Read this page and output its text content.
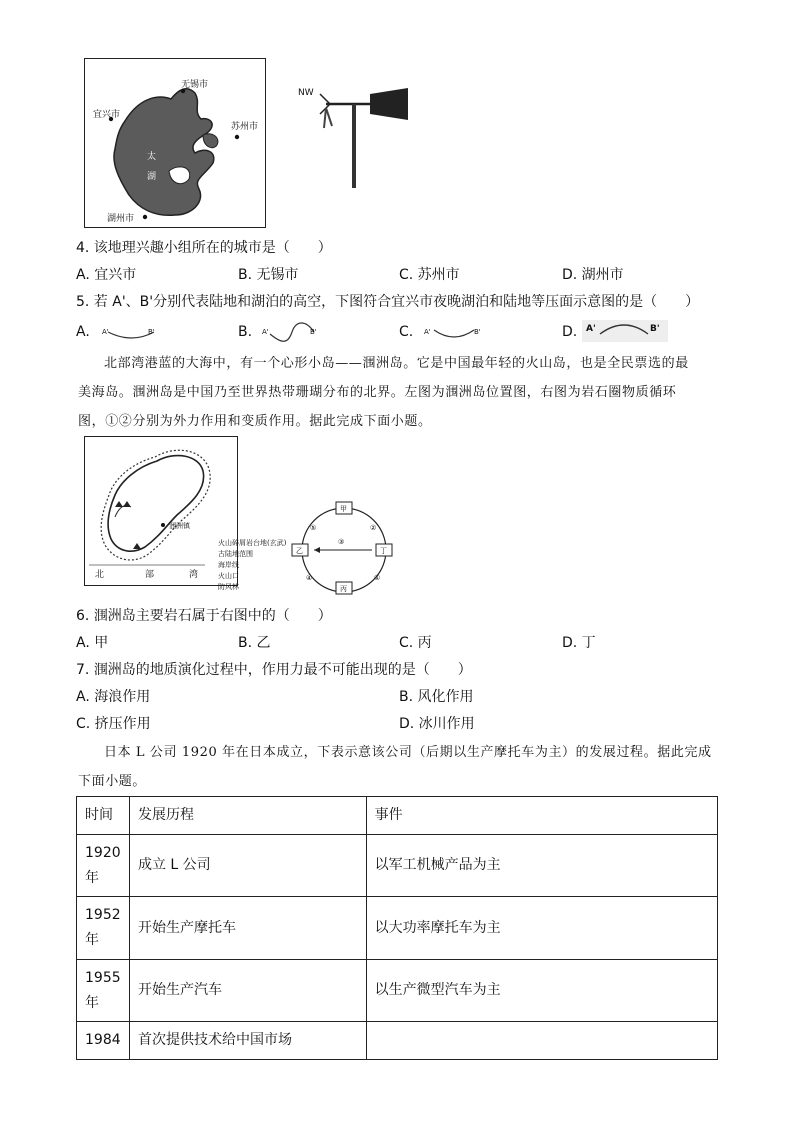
无锡市
宜兴市
苏州市
湖州市
太
湖
NW
4. 该地理兴趣小组所在的城市是（　　）
A. 宜兴市	B. 无锡市	C. 苏州市	D. 湖州市
5. 若 A'、B'分别代表陆地和湖泊的高空，下图符合宜兴市夜晚湖泊和陆地等压面示意图的是（　　）
A. A'	B'	B. A'	B'	C. A'	B'	D. A'	B'
北部湾港蓝的大海中，有一个心形小岛——涠洲岛。它是中国最年轻的火山岛，也是全民票选的最
美海岛。涠洲岛是中国乃至世界热带珊瑚分布的北界。左图为涠洲岛位置图，右图为岩石圈物质循环
图，①②分别为外力作用和变质作用。据此完成下面小题。
涠洲镇
北	部	湾
火山碎屑岩台地(玄武)
古陆地范围
海岸线
火山口
防风林
甲
乙
丙
丁
①
②
③
④
⑤
6. 涠洲岛主要岩石属于右图中的（　　）
A. 甲	B. 乙	C. 丙	D. 丁
7. 涠洲岛的地质演化过程中，作用力最不可能出现的是（　　）
A. 海浪作用	B. 风化作用
C. 挤压作用	D. 冰川作用
日本 L 公司 1920 年在日本成立，下表示意该公司（后期以生产摩托车为主）的发展过程。据此完成
下面小题。
时间	发展历程	事件
1920年	成立 L 公司	以军工机械产品为主
1952年	开始生产摩托车	以大功率摩托车为主
1955年	开始生产汽车	以生产微型汽车为主
1984	首次提供技术给中国市场	
